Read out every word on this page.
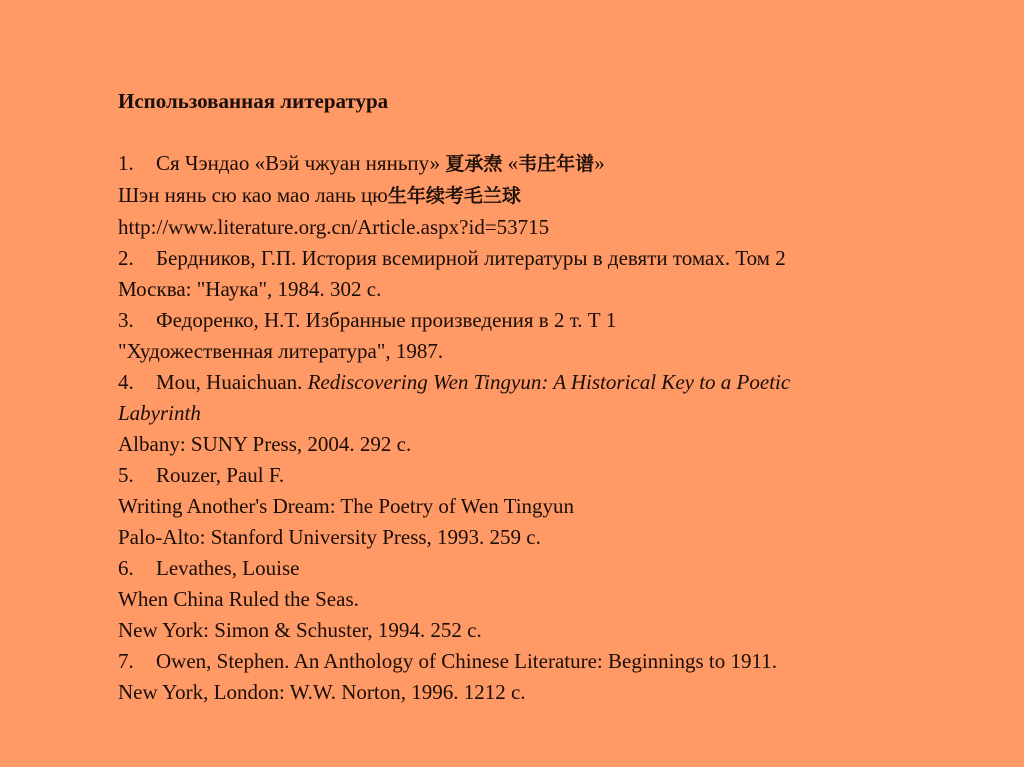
Использованная литература
1. Ся Чэндао «Вэй чжуан няньпу» 夏承焘 «韦庄年谱»
Шэн нянь сю као мао лань цю生年续考毛兰球
http://www.literature.org.cn/Article.aspx?id=53715
2. Бердников, Г.П. История всемирной литературы в девяти томах. Том 2
Москва: "Наука", 1984. 302 с.
3. Федоренко, Н.Т. Избранные произведения в 2 т. Т 1
"Художественная литература", 1987.
4. Mou, Huaichuan. Rediscovering Wen Tingyun: A Historical Key to a Poetic
Labyrinth
Albany: SUNY Press, 2004. 292 c.
5. Rouzer, Paul F.
Writing Another's Dream: The Poetry of Wen Tingyun
Palo-Alto: Stanford University Press, 1993. 259 c.
6. Levathes, Louise
When China Ruled the Seas.
New York: Simon & Schuster, 1994. 252 c.
7. Owen, Stephen. An Anthology of Chinese Literature: Beginnings to 1911.
New York, London: W.W. Norton, 1996. 1212 c.
